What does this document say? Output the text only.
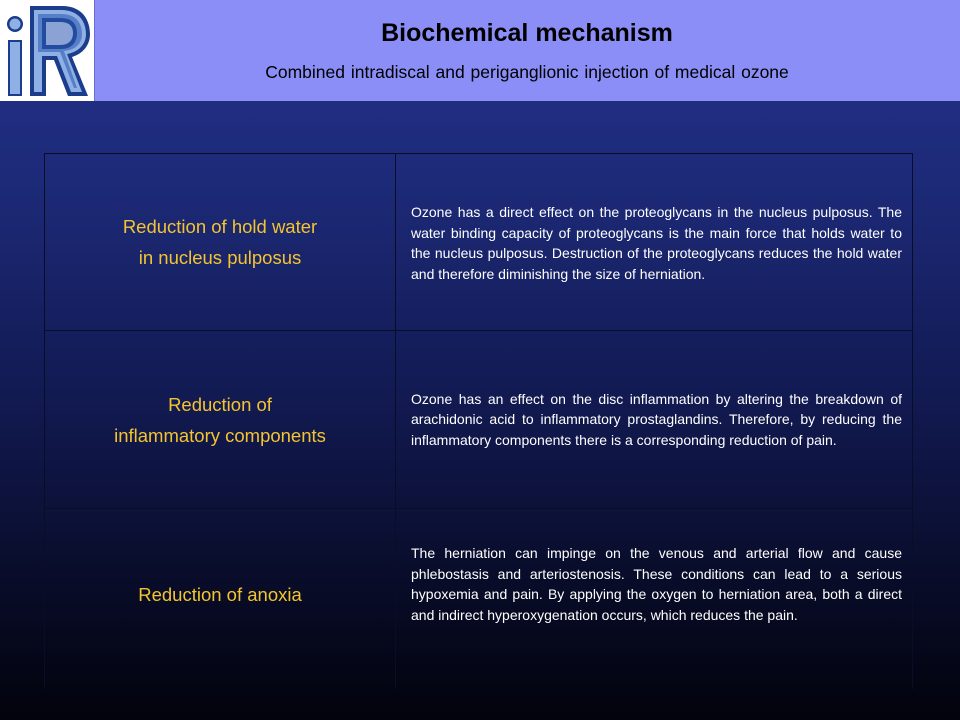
Biochemical mechanism

Combined intradiscal and periganglionic injection of medical ozone

Reduction of hold water
in nucleus pulposus
Ozone has a direct effect on the proteoglycans in the nucleus pulposus. The water binding capacity of proteoglycans is the main force that holds water to the nucleus pulposus. Destruction of the proteoglycans reduces the hold water and therefore diminishing the size of herniation.
Reduction of
inflammatory components
Ozone has an effect on the disc inflammation by altering the breakdown of arachidonic acid to inflammatory prostaglandins. Therefore, by reducing the inflammatory components there is a corresponding reduction of pain.
Reduction of anoxia
The herniation can impinge on the venous and arterial flow and cause phlebostasis and arteriostenosis. These conditions can lead to a serious hypoxemia and pain. By applying the oxygen to herniation area, both a direct and indirect hyperoxygenation occurs, which reduces the pain.
